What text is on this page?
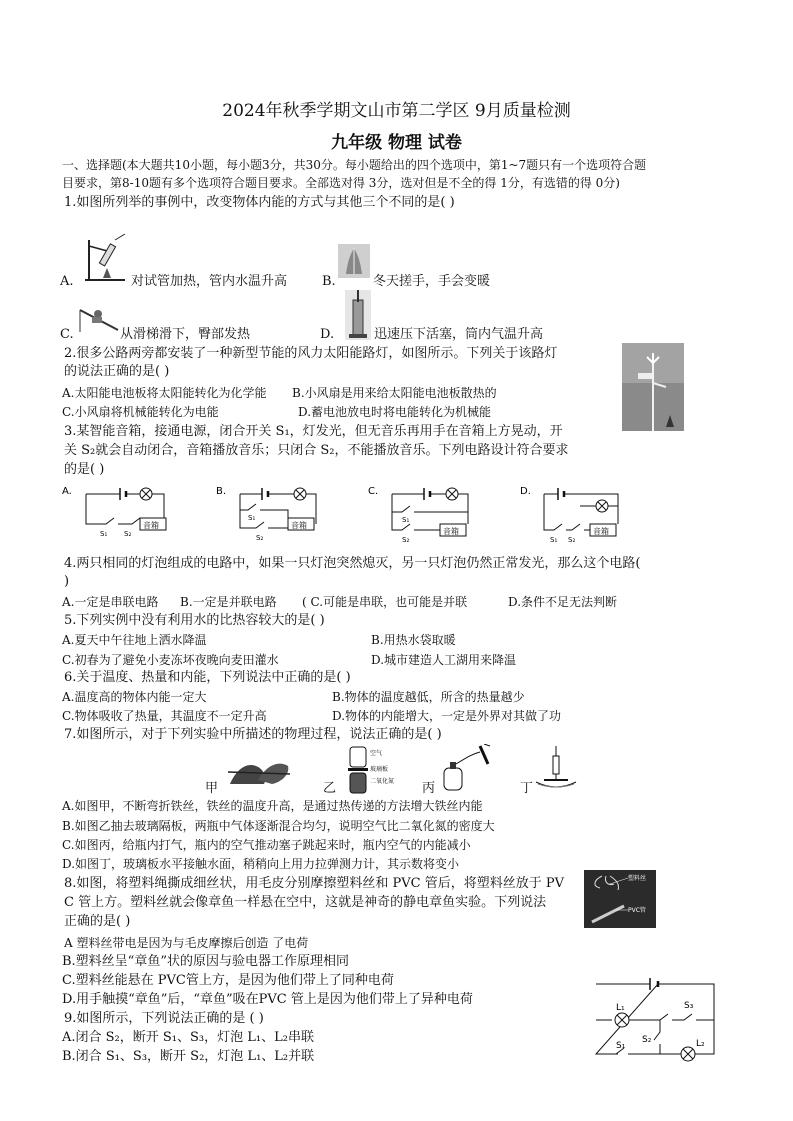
2024年秋季学期文山市第二学区 9月质量检测
九年级 物理 试卷
一、选择题(本大题共10小题，每小题3分，共30分。每小题给出的四个选项中，第1~7题只有一个选项符合题
目要求，第8-10题有多个选项符合题目要求。全部选对得 3分，选对但是不全的得 1分，有选错的得 0分)
1.如图所列举的事例中，改变物体内能的方式与其他三个不同的是( )
A.	对试管加热，管内水温升高	B.	冬天搓手，手会变暖
C.	从滑梯滑下，臀部发热	D.	迅速压下活塞，筒内气温升高
2.很多公路两旁都安装了一种新型节能的风力太阳能路灯，如图所示。下列关于该路灯
的说法正确的是( )
A.太阳能电池板将太阳能转化为化学能 B.小风扇是用来给太阳能电池板散热的
C.小风扇将机械能转化为电能	D.蓄电池放电时将电能转化为机械能
3.某智能音箱，接通电源，闭合开关 S₁，灯发光，但无音乐再用手在音箱上方晃动，开
关 S₂就会自动闭合，音箱播放音乐；只闭合 S₂，不能播放音乐。下列电路设计符合要求
的是( )
A.
音箱
S₁ S₂
B.
音箱
S₁
S₂
C.
音箱
S₁
S₂
D.
音箱
S₁ S₂
4.两只相同的灯泡组成的电路中，如果一只灯泡突然熄灭，另一只灯泡仍然正常发光，那么这个电路(
)
A.一定是串联电路 B.一定是并联电路 ( C.可能是串联，也可能是并联	D.条件不足无法判断
5.下列实例中没有利用水的比热容较大的是( )
A.夏天中午往地上洒水降温	B.用热水袋取暖
C.初春为了避免小麦冻坏夜晚向麦田灌水	D.城市建造人工湖用来降温
6.关于温度、热量和内能，下列说法中正确的是( )
A.温度高的物体内能一定大	B.物体的温度越低，所含的热量越少
C.物体吸收了热量，其温度不一定升高	D.物体的内能增大，一定是外界对其做了功
7.如图所示，对于下列实验中所描述的物理过程，说法正确的是( )
甲	乙
空气
玻璃板
二氧化氮 丙	丁
A.如图甲，不断弯折铁丝，铁丝的温度升高，是通过热传递的方法增大铁丝内能
B.如图乙抽去玻璃隔板，两瓶中气体逐渐混合均匀，说明空气比二氧化氮的密度大
C.如图丙，给瓶内打气，瓶内的空气推动塞子跳起来时，瓶内空气的内能减小
D.如图丁，玻璃板水平接触水面，稍稍向上用力拉弹测力计，其示数将变小
8.如图，将塑料绳撕成细丝状，用毛皮分别摩擦塑料丝和 PVC 管后，将塑料丝放于 PV
C 管上方。塑料丝就会像章鱼一样悬在空中，这就是神奇的静电章鱼实验。下列说法
正确的是( )
塑料丝
PVC管
A 塑料丝带电是因为与毛皮摩擦后创造 了电荷
B.塑料丝呈“章鱼”状的原因与验电器工作原理相同
C.塑料丝能悬在 PVC管上方，是因为他们带上了同种电荷
D.用手触摸“章鱼”后，“章鱼”吸在PVC 管上是因为他们带上了异种电荷
9.如图所示，下列说法正确的是 ( )
A.闭合 S₂，断开 S₁、S₃，灯泡 L₁、L₂串联
B.闭合 S₁、S₃，断开 S₂，灯泡 L₁、L₂并联
L₁	S₃
S₂
S₁	L₂
